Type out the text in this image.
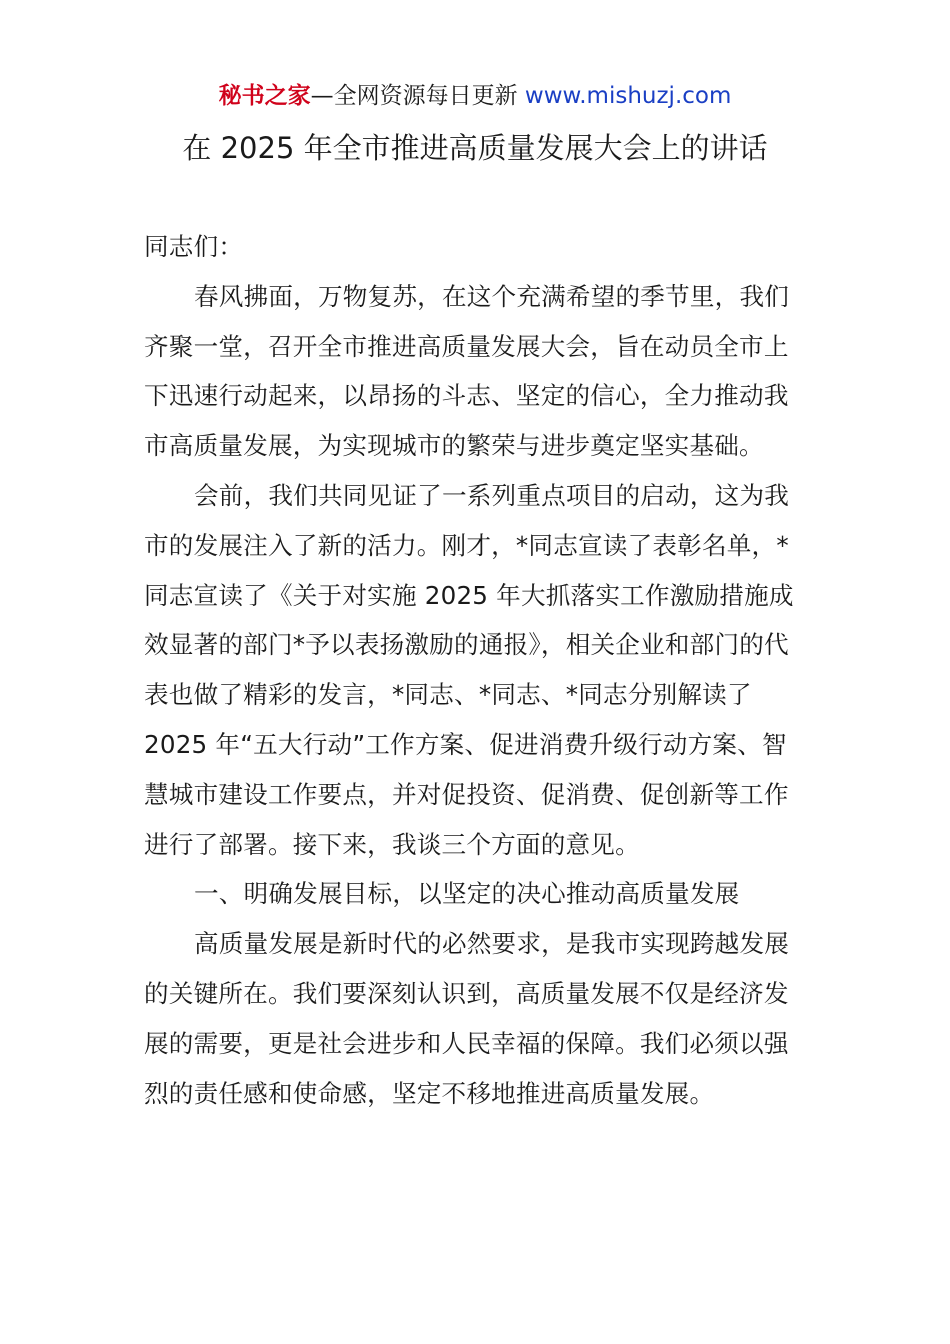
秘书之家—全网资源每日更新 www.mishuzj.com
在 2025 年全市推进高质量发展大会上的讲话

同志们：

春风拂面，万物复苏，在这个充满希望的季节里，我们齐聚一堂，召开全市推进高质量发展大会，旨在动员全市上下迅速行动起来，以昂扬的斗志、坚定的信心，全力推动我市高质量发展，为实现城市的繁荣与进步奠定坚实基础。

会前，我们共同见证了一系列重点项目的启动，这为我市的发展注入了新的活力。刚才，*同志宣读了表彰名单，*同志宣读了《关于对实施 2025 年大抓落实工作激励措施成效显著的部门*予以表扬激励的通报》，相关企业和部门的代表也做了精彩的发言，*同志、*同志、*同志分别解读了 2025 年“五大行动”工作方案、促进消费升级行动方案、智慧城市建设工作要点，并对促投资、促消费、促创新等工作进行了部署。接下来，我谈三个方面的意见。

一、明确发展目标，以坚定的决心推动高质量发展

高质量发展是新时代的必然要求，是我市实现跨越发展的关键所在。我们要深刻认识到，高质量发展不仅是经济发展的需要，更是社会进步和人民幸福的保障。我们必须以强烈的责任感和使命感，坚定不移地推进高质量发展。
